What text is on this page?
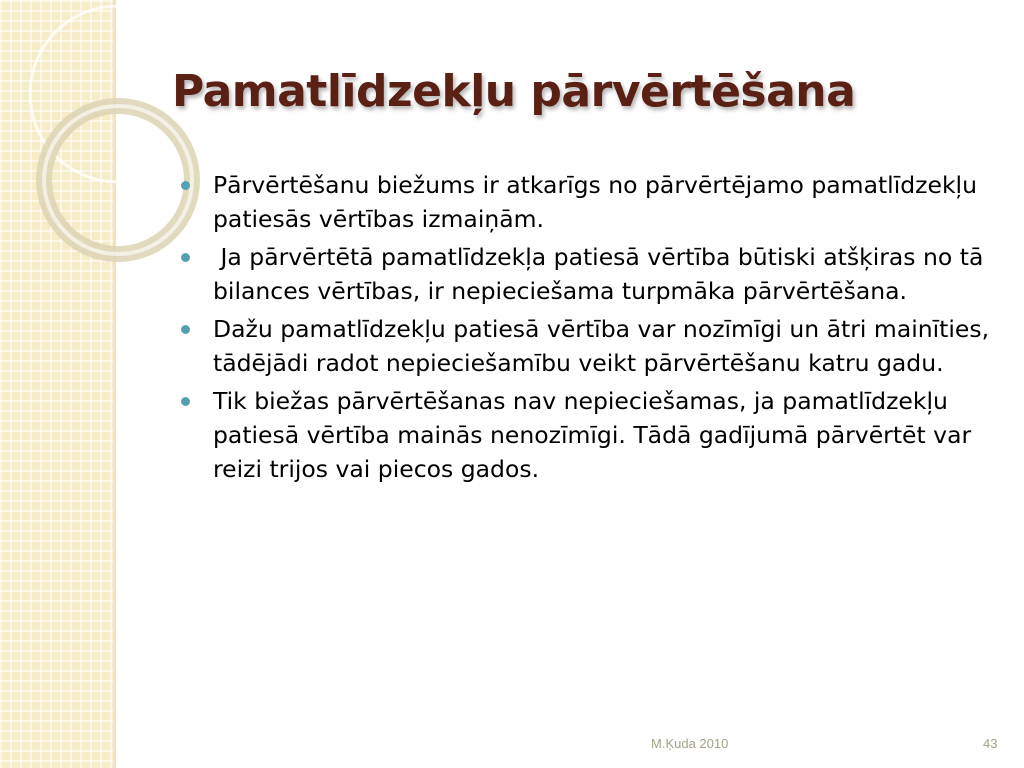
Pamatlīdzekļu pārvērtēšana
Pārvērtēšanu biežums ir atkarīgs no pārvērtējamo pamatlīdzekļu patiesās vērtības izmaiņām.
Ja pārvērtētā pamatlīdzekļa patiesā vērtība būtiski atšķiras no tā bilances vērtības, ir nepieciešama turpmāka pārvērtēšana.
Dažu pamatlīdzekļu patiesā vērtība var nozīmīgi un ātri mainīties, tādējādi radot nepieciešamību veikt pārvērtēšanu katru gadu.
Tik biežas pārvērtēšanas nav nepieciešamas, ja pamatlīdzekļu patiesā vērtība mainās nenozīmīgi. Tādā gadījumā pārvērtēt var reizi trijos vai piecos gados.
M.Ķuda 2010	43
